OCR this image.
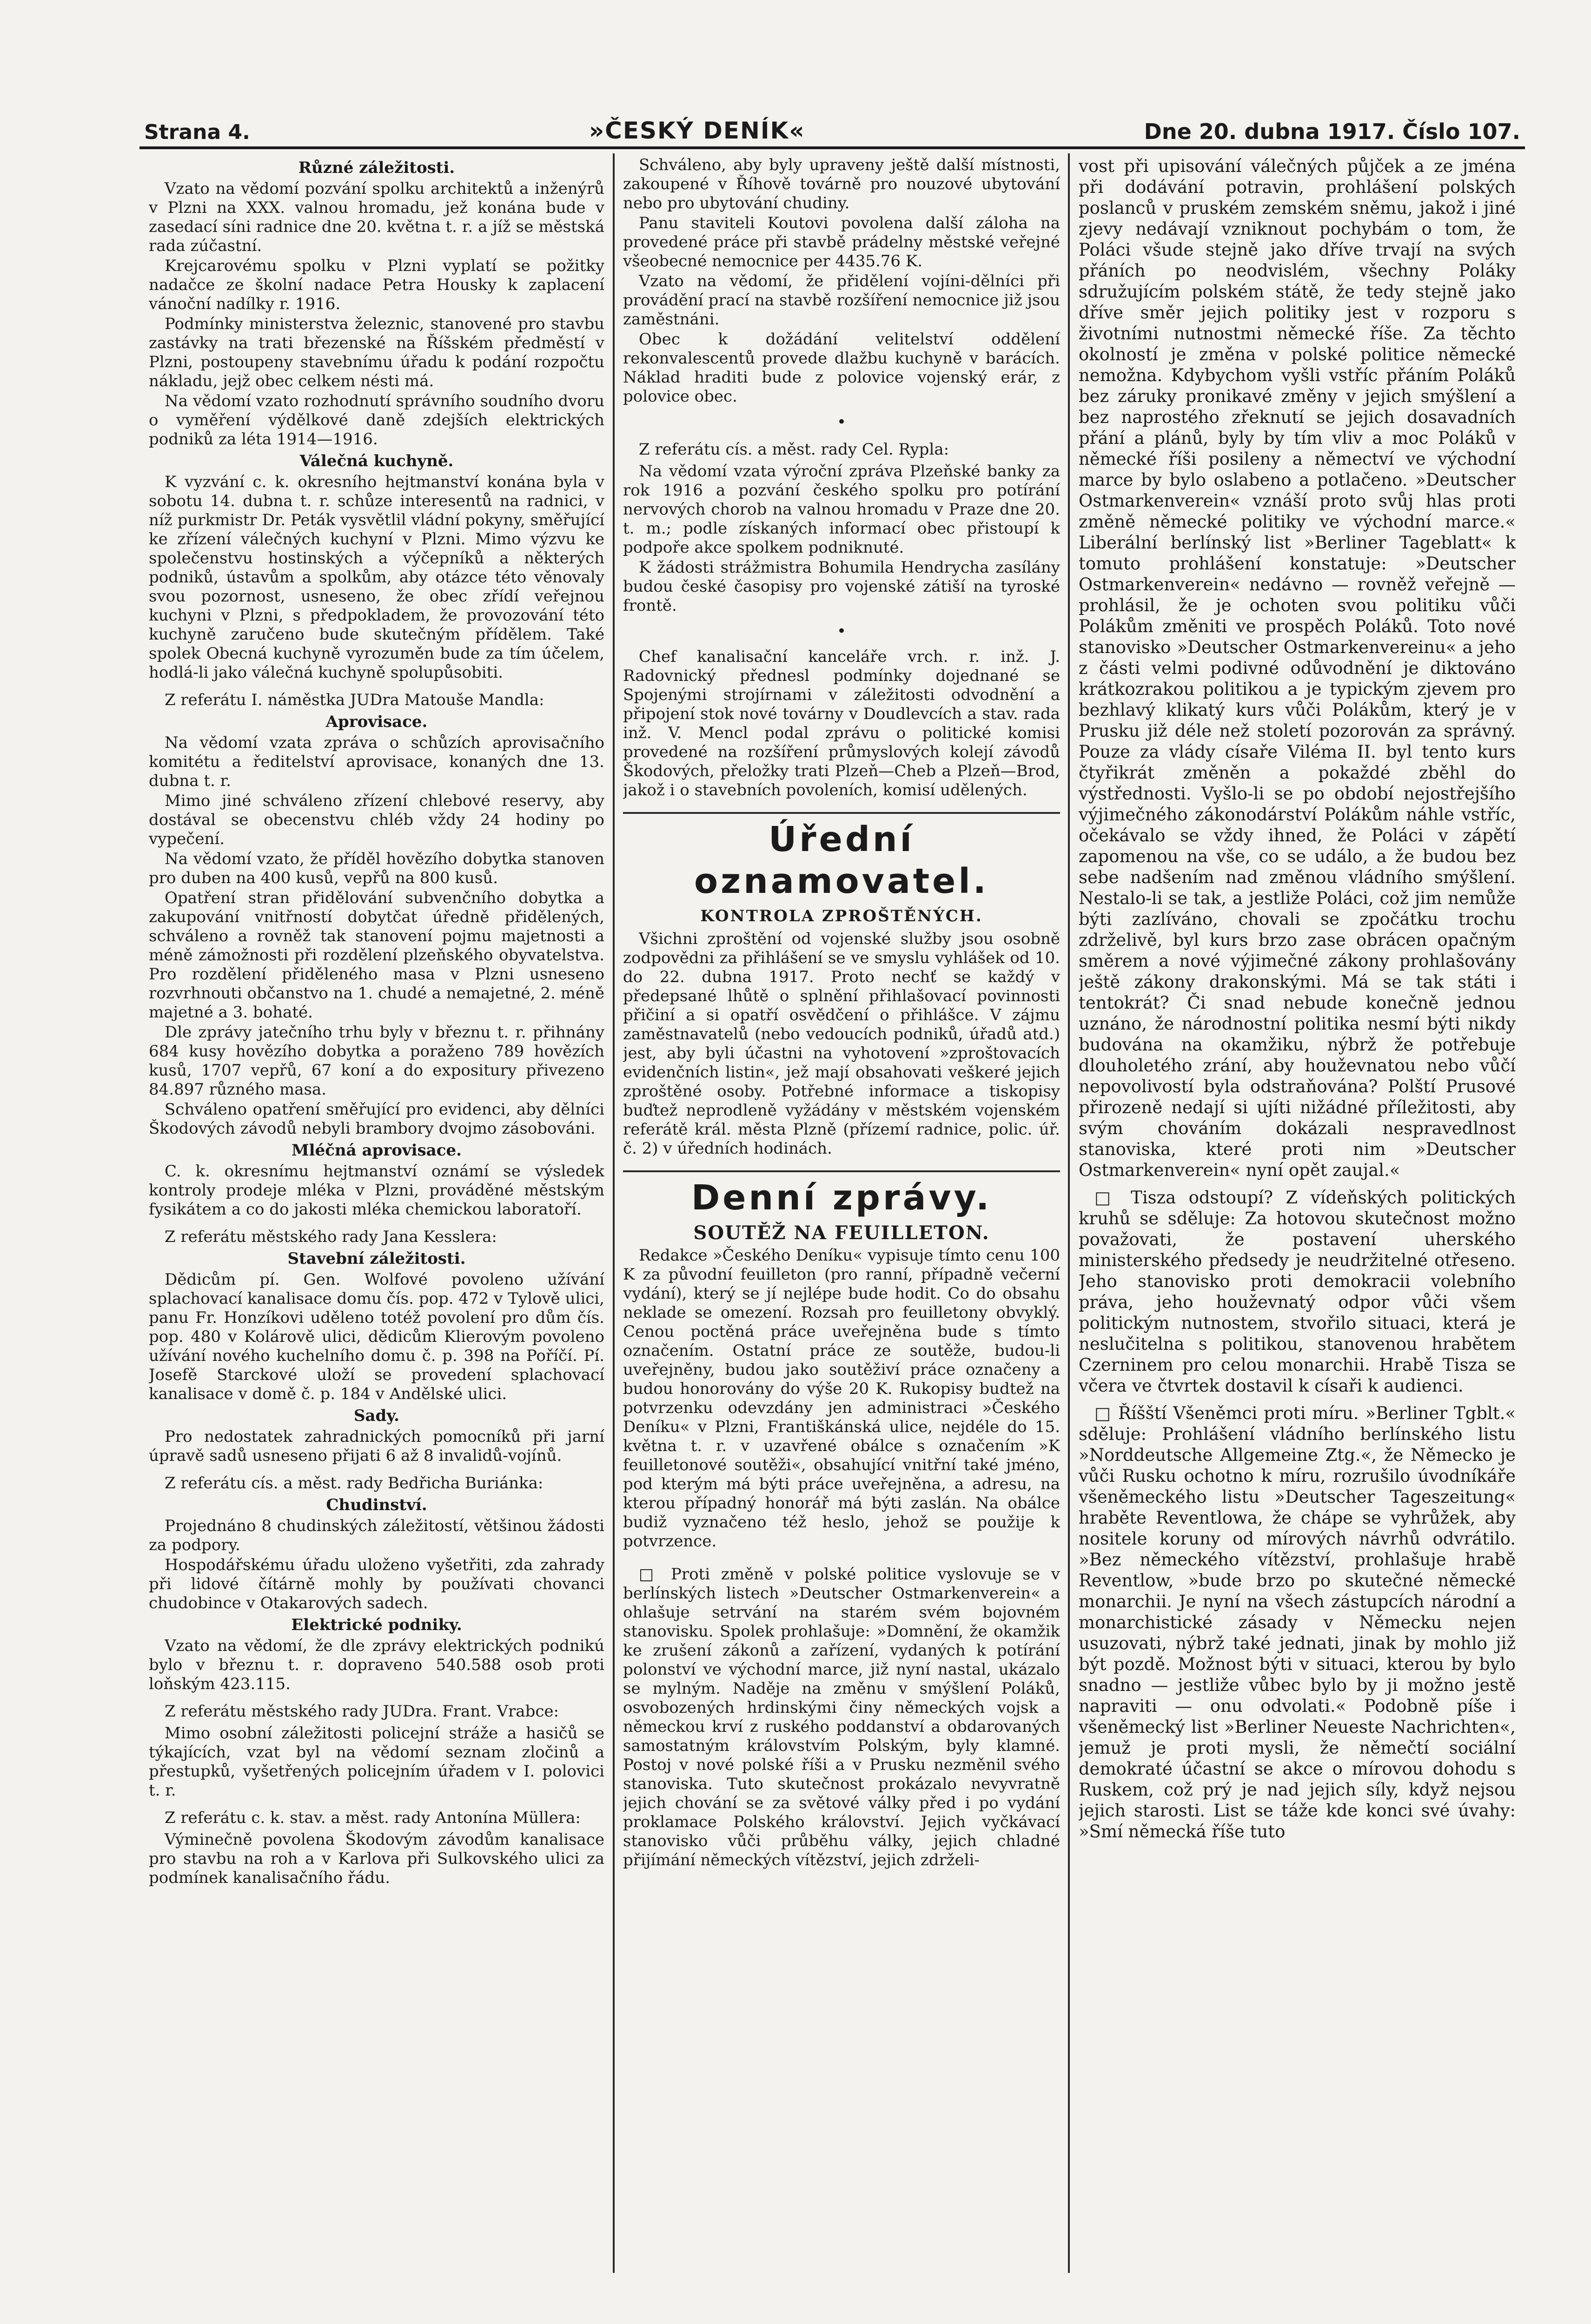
Strana 4.	»ČESKÝ DENÍK«	Dne 20. dubna 1917. Číslo 107.
Různé záležitosti.

Vzato na vědomí pozvání spolku architektů a inženýrů v Plzni na XXX. valnou hromadu, jež konána bude v zasedací síni radnice dne 20. května t. r. a jíž se městská rada zúčastní.

Krejcarovému spolku v Plzni vyplatí se požitky nadačce ze školní nadace Petra Housky k zaplacení vánoční nadílky r. 1916.

Podmínky ministerstva železnic, stanovené pro stavbu zastávky na trati březenské na Říšském předměstí v Plzni, postoupeny stavebnímu úřadu k podání rozpočtu nákladu, jejž obec celkem nésti má.

Na vědomí vzato rozhodnutí správního soudního dvoru o vyměření výdělkové daně zdejších elektrických podniků za léta 1914—1916.

Válečná kuchyně.

K vyzvání c. k. okresního hejtmanství konána byla v sobotu 14. dubna t. r. schůze interesentů na radnici, v níž purkmistr Dr. Peták vysvětlil vládní pokyny, směřující ke zřízení válečných kuchyní v Plzni. Mimo výzvu ke společenstvu hostinských a výčepníků a některých podniků, ústavům a spolkům, aby otázce této věnovaly svou pozornost, usneseno, že obec zřídí veřejnou kuchyni v Plzni, s předpokladem, že provozování této kuchyně zaručeno bude skutečným přídělem. Také spolek Obecná kuchyně vyrozuměn bude za tím účelem, hodlá-li jako válečná kuchyně spolupůsobiti.

Z referátu I. náměstka JUDra Matouše Mandla:

Aprovisace.

Na vědomí vzata zpráva o schůzích aprovisačního komitétu a ředitelství aprovisace, konaných dne 13. dubna t. r.

Mimo jiné schváleno zřízení chlebové reservy, aby dostával se obecenstvu chléb vždy 24 hodiny po vypečení.

Na vědomí vzato, že příděl hovězího dobytka stanoven pro duben na 400 kusů, vepřů na 800 kusů.

Opatření stran přidělování subvenčního dobytka a zakupování vnitřností dobytčat úředně přidělených, schváleno a rovněž tak stanovení pojmu majetnosti a méně zámožnosti při rozdělení plzeňského obyvatelstva. Pro rozdělení přiděleného masa v Plzni usneseno rozvrhnouti občanstvo na 1. chudé a nemajetné, 2. méně majetné a 3. bohaté.

Dle zprávy jatečního trhu byly v březnu t. r. přihnány 684 kusy hovězího dobytka a poraženo 789 hovězích kusů, 1707 vepřů, 67 koní a do expositury přivezeno 84.897 různého masa.

Schváleno opatření směřující pro evidenci, aby dělníci Škodových závodů nebyli brambory dvojmo zásobováni.

Mléčná aprovisace.

C. k. okresnímu hejtmanství oznámí se výsledek kontroly prodeje mléka v Plzni, prováděné městským fysikátem a co do jakosti mléka chemickou laboratoří.

Z referátu městského rady Jana Kesslera:

Stavební záležitosti.

Dědicům pí. Gen. Wolfové povoleno užívání splachovací kanalisace domu čís. pop. 472 v Tylově ulici, panu Fr. Honzíkovi uděleno totéž povolení pro dům čís. pop. 480 v Kolárově ulici, dědicům Klierovým povoleno užívání nového kuchelního domu č. p. 398 na Poříčí. Pí. Josefě Starckové uloží se provedení splachovací kanalisace v domě č. p. 184 v Andělské ulici.

Sady.

Pro nedostatek zahradnických pomocníků při jarní úpravě sadů usneseno přijati 6 až 8 invalidů-vojínů.

Z referátu cís. a měst. rady Bedřicha Buriánka:

Chudinství.

Projednáno 8 chudinských záležitostí, většinou žádosti za podpory.

Hospodářskému úřadu uloženo vyšetřiti, zda zahrady při lidové čítárně mohly by používati chovanci chudobince v Otakarových sadech.

Elektrické podniky.

Vzato na vědomí, že dle zprávy elektrických podnikú bylo v březnu t. r. dopraveno 540.588 osob proti loňským 423.115.

Z referátu městského rady JUDra. Frant. Vrabce:

Mimo osobní záležitosti policejní stráže a hasičů se týkajících, vzat byl na vědomí seznam zločinů a přestupků, vyšetřených policejním úřadem v I. polovici t. r.

Z referátu c. k. stav. a měst. rady Antonína Müllera:

Výminečně povolena Škodovým závodům kanalisace pro stavbu na roh a v Karlova při Sulkovského ulici za podmínek kanalisačního řádu.

Schváleno, aby byly upraveny ještě další místnosti, zakoupené v Říhově továrně pro nouzové ubytování nebo pro ubytování chudiny.

Panu staviteli Koutovi povolena další záloha na provedené práce při stavbě prádelny městské veřejné všeobecné nemocnice per 4435.76 K.

Vzato na vědomí, že přidělení vojíni-dělníci při provádění prací na stavbě rozšíření nemocnice již jsou zaměstnáni.

Obec k dožádání velitelství oddělení rekonvalescentů provede dlažbu kuchyně v barácích. Náklad hraditi bude z polovice vojenský erár, z polovice obec.

•

Z referátu cís. a měst. rady Cel. Rypla:

Na vědomí vzata výroční zpráva Plzeňské banky za rok 1916 a pozvání českého spolku pro potírání nervových chorob na valnou hromadu v Praze dne 20. t. m.; podle získaných informací obec přistoupí k podpoře akce spolkem podniknuté.

K žádosti strážmistra Bohumila Hendrycha zasílány budou české časopisy pro vojenské zátiší na tyroské frontě.

•

Chef kanalisační kanceláře vrch. r. inž. J. Radovnický přednesl podmínky dojednané se Spojenými strojírnami v záležitosti odvodnění a připojení stok nové továrny v Doudlevcích a stav. rada inž. V. Mencl podal zprávu o politické komisi provedené na rozšíření průmyslových kolejí závodů Škodových, přeložky trati Plzeň—Cheb a Plzeň—Brod, jakož i o stavebních povoleních, komisí udělených.

Úřední oznamovatel.
KONTROLA ZPROŠTĚNÝCH.

Všichni zproštění od vojenské služby jsou osobně zodpovědni za přihlášení se ve smyslu vyhlášek od 10. do 22. dubna 1917. Proto nechť se každý v předepsané lhůtě o splnění přihlašovací povinnosti přičiní a si opatří osvědčení o přihlášce. V zájmu zaměstnavatelů (nebo vedoucích podniků, úřadů atd.) jest, aby byli účastni na vyhotovení »zproštovacích evidenčních listin«, jež mají obsahovati veškeré jejich zproštěné osoby. Potřebné informace a tiskopisy buďtež neprodleně vyžádány v městském vojenském referátě král. města Plzně (přízemí radnice, polic. úř. č. 2) v úředních hodinách.

Denní zprávy.
SOUTĚŽ NA FEUILLETON.

Redakce »Českého Deníku« vypisuje tímto cenu 100 K za původní feuilleton (pro ranní, případně večerní vydání), který se jí nejlépe bude hodit. Co do obsahu neklade se omezení. Rozsah pro feuilletony obvyklý. Cenou poctěná práce uveřejněna bude s tímto označením. Ostatní práce ze soutěže, budou-li uveřejněny, budou jako soutěživí práce označeny a budou honorovány do výše 20 K. Rukopisy budtež na potvrzenku odevzdány jen administraci »Českého Deníku« v Plzni, Františkánská ulice, nejdéle do 15. května t. r. v uzavřené obálce s označením »K feuilletonové soutěži«, obsahující vnitřní také jméno, pod kterým má býti práce uveřejněna, a adresu, na kterou případný honorář má býti zaslán. Na obálce budiž vyznačeno též heslo, jehož se použije k potvrzence.

□ Proti změně v polské politice vyslovuje se v berlínských listech »Deutscher Ostmarkenverein« a ohlašuje setrvání na starém svém bojovném stanovisku. Spolek prohlašuje: »Domnění, že okamžik ke zrušení zákonů a zařízení, vydaných k potírání polonství ve východní marce, již nyní nastal, ukázalo se mylným. Naděje na změnu v smýšlení Poláků, osvobozených hrdinskými činy německých vojsk a německou krví z ruského poddanství a obdarovaných samostatným královstvím Polským, byly klamné. Postoj v nové polské říši a v Prusku nezměnil svého stanoviska. Tuto skutečnost prokázalo nevyvratně jejich chování se za světové války před i po vydání proklamace Polského království. Jejich vyčkávací stanovisko vůči průběhu války, jejich chladné přijímání německých vítězství, jejich zdrželi-

vost při upisování válečných půjček a ze jména při dodávání potravin, prohlášení polských poslanců v pruském zemském sněmu, jakož i jiné zjevy nedávají vzniknout pochybám o tom, že Poláci všude stejně jako dříve trvají na svých přáních po neodvislém, všechny Poláky sdružujícím polském státě, že tedy stejně jako dříve směr jejich politiky jest v rozporu s životními nutnostmi německé říše. Za těchto okolností je změna v polské politice německé nemožna. Kdybychom vyšli vstříc přáním Poláků bez záruky pronikavé změny v jejich smýšlení a bez naprostého zřeknutí se jejich dosavadních přání a plánů, byly by tím vliv a moc Poláků v německé říši posileny a němectví ve východní marce by bylo oslabeno a potlačeno. »Deutscher Ostmarkenverein« vznáší proto svůj hlas proti změně německé politiky ve východní marce.« Liberální berlínský list »Berliner Tageblatt« k tomuto prohlášení konstatuje: »Deutscher Ostmarkenverein« nedávno — rovněž veřejně — prohlásil, že je ochoten svou politiku vůči Polákům změniti ve prospěch Poláků. Toto nové stanovisko »Deutscher Ostmarkenvereinu« a jeho z části velmi podivné odůvodnění je diktováno krátkozrakou politikou a je typickým zjevem pro bezhlavý klikatý kurs vůči Polákům, který je v Prusku již déle než století pozorován za správný. Pouze za vlády císaře Viléma II. byl tento kurs čtyřikrát změněn a pokaždé zběhl do výstřednosti. Vyšlo-li se po období nejostřejšího výjimečného zákonodárství Polákům náhle vstříc, očekávalo se vždy ihned, že Poláci v zápětí zapomenou na vše, co se událo, a že budou bez sebe nadšením nad změnou vládního smýšlení. Nestalo-li se tak, a jestliže Poláci, což jim nemůže býti zazlíváno, chovali se zpočátku trochu zdrželivě, byl kurs brzo zase obrácen opačným směrem a nové výjimečné zákony prohlašovány ještě zákony drakonskými. Má se tak státi i tentokrát? Či snad nebude konečně jednou uznáno, že národnostní politika nesmí býti nikdy budována na okamžiku, nýbrž že potřebuje dlouholetého zrání, aby houževnatou nebo vůčí nepovolivostí byla odstraňována? Polští Prusové přirozeně nedají si ujíti nižádné příležitosti, aby svým chováním dokázali nespravedlnost stanoviska, které proti nim »Deutscher Ostmarkenverein« nyní opět zaujal.«

□ Tisza odstoupí? Z vídeňských politických kruhů se sděluje: Za hotovou skutečnost možno považovati, že postavení uherského ministerského předsedy je neudržitelné otřeseno. Jeho stanovisko proti demokracii volebního práva, jeho houževnatý odpor vůči všem politickým nutnostem, stvořilo situaci, která je neslučitelna s politikou, stanovenou hrabětem Czerninem pro celou monarchii. Hrabě Tisza se včera ve čtvrtek dostavil k císaři k audienci.

□ Říšští Všeněmci proti míru. »Berliner Tgblt.« sděluje: Prohlášení vládního berlínského listu »Norddeutsche Allgemeine Ztg.«, že Německo je vůči Rusku ochotno k míru, rozrušilo úvodníkáře všeněmeckého listu »Deutscher Tageszeitung« hraběte Reventlowa, že chápe se vyhrůžek, aby nositele koruny od mírových návrhů odvrátilo. »Bez německého vítězství, prohlašuje hrabě Reventlow, »bude brzo po skutečné německé monarchii. Je nyní na všech zástupcích národní a monarchistické zásady v Německu nejen usuzovati, nýbrž také jednati, jinak by mohlo již být pozdě. Možnost býti v situaci, kterou by bylo snadno — jestliže vůbec bylo by ji možno jestě napraviti — onu odvolati.« Podobně píše i všeněmecký list »Berliner Neueste Nachrichten«, jemuž je proti mysli, že němečtí sociální demokraté účastní se akce o mírovou dohodu s Ruskem, což prý je nad jejich síly, když nejsou jejich starosti. List se táže kde konci své úvahy: »Smí německá říše tuto
